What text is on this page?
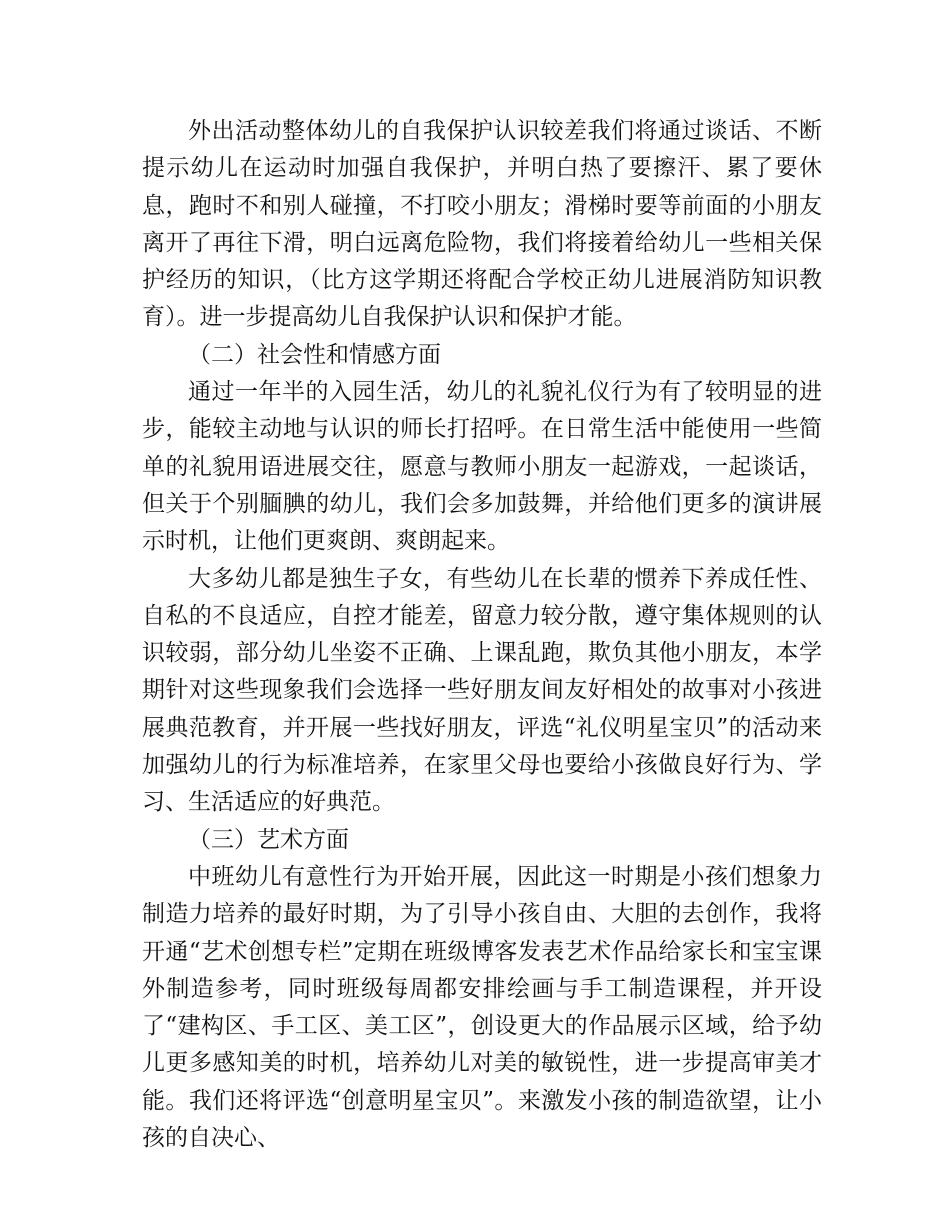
外出活动整体幼儿的自我保护认识较差我们将通过谈话、不断提示幼儿在运动时加强自我保护，并明白热了要擦汗、累了要休息，跑时不和别人碰撞，不打咬小朋友；滑梯时要等前面的小朋友离开了再往下滑，明白远离危险物，我们将接着给幼儿一些相关保护经历的知识，（比方这学期还将配合学校正幼儿进展消防知识教育）。进一步提高幼儿自我保护认识和保护才能。

（二）社会性和情感方面

通过一年半的入园生活，幼儿的礼貌礼仪行为有了较明显的进步，能较主动地与认识的师长打招呼。在日常生活中能使用一些简单的礼貌用语进展交往，愿意与教师小朋友一起游戏，一起谈话，但关于个别腼腆的幼儿，我们会多加鼓舞，并给他们更多的演讲展示时机，让他们更爽朗、爽朗起来。

大多幼儿都是独生子女，有些幼儿在长辈的惯养下养成任性、自私的不良适应，自控才能差，留意力较分散，遵守集体规则的认识较弱，部分幼儿坐姿不正确、上课乱跑，欺负其他小朋友，本学期针对这些现象我们会选择一些好朋友间友好相处的故事对小孩进展典范教育，并开展一些找好朋友，评选“礼仪明星宝贝”的活动来加强幼儿的行为标准培养，在家里父母也要给小孩做良好行为、学习、生活适应的好典范。

（三）艺术方面

中班幼儿有意性行为开始开展，因此这一时期是小孩们想象力制造力培养的最好时期，为了引导小孩自由、大胆的去创作，我将开通“艺术创想专栏”定期在班级博客发表艺术作品给家长和宝宝课外制造参考，同时班级每周都安排绘画与手工制造课程，并开设了“建构区、手工区、美工区”，创设更大的作品展示区域，给予幼儿更多感知美的时机，培养幼儿对美的敏锐性，进一步提高审美才能。我们还将评选“创意明星宝贝”。来激发小孩的制造欲望，让小孩的自决心、
